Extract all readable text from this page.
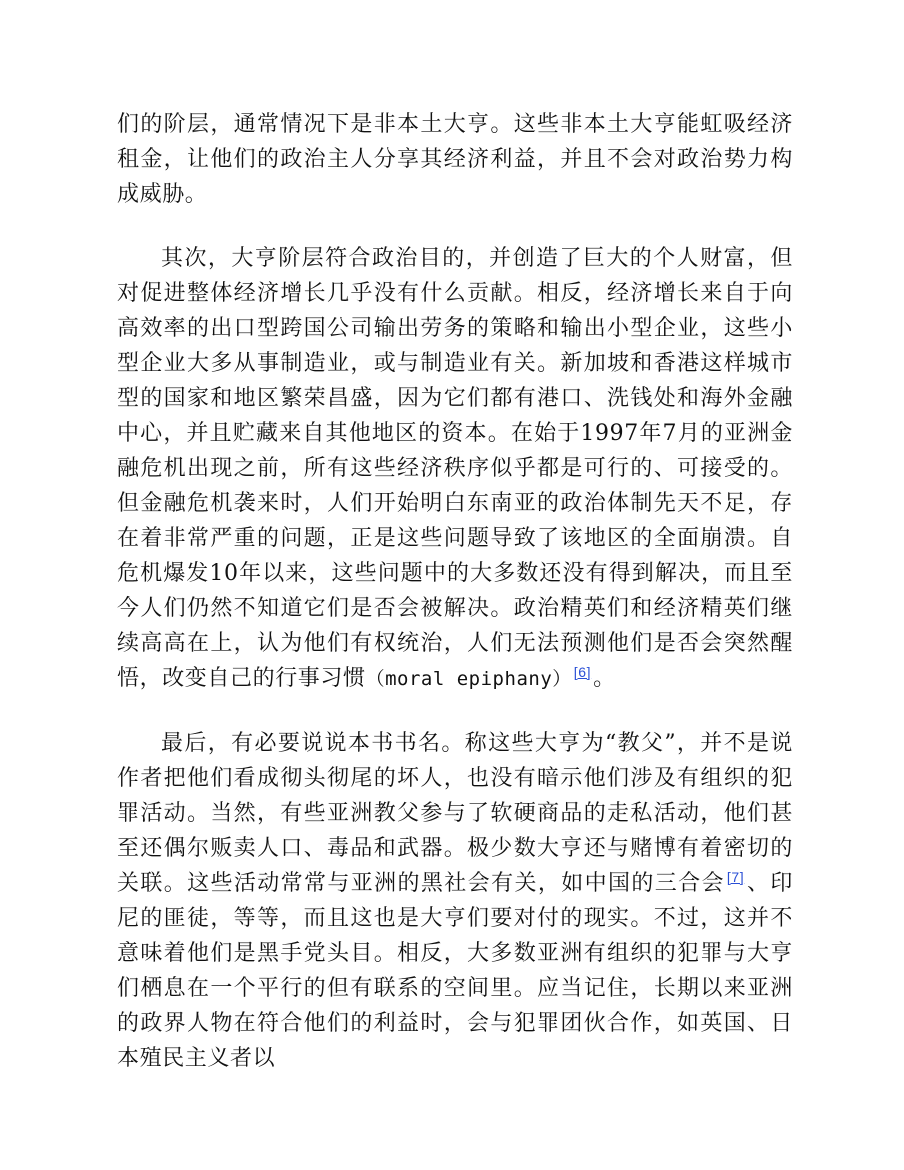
们的阶层，通常情况下是非本土大亨。这些非本土大亨能虹吸经济租金，让他们的政治主人分享其经济利益，并且不会对政治势力构成威胁。

其次，大亨阶层符合政治目的，并创造了巨大的个人财富，但对促进整体经济增长几乎没有什么贡献。相反，经济增长来自于向高效率的出口型跨国公司输出劳务的策略和输出小型企业，这些小型企业大多从事制造业，或与制造业有关。新加坡和香港这样城市型的国家和地区繁荣昌盛，因为它们都有港口、洗钱处和海外金融中心，并且贮藏来自其他地区的资本。在始于1997年7月的亚洲金融危机出现之前，所有这些经济秩序似乎都是可行的、可接受的。但金融危机袭来时，人们开始明白东南亚的政治体制先天不足，存在着非常严重的问题，正是这些问题导致了该地区的全面崩溃。自危机爆发10年以来，这些问题中的大多数还没有得到解决，而且至今人们仍然不知道它们是否会被解决。政治精英们和经济精英们继续高高在上，认为他们有权统治，人们无法预测他们是否会突然醒悟，改变自己的行事习惯（moral epiphany） [6]。

最后，有必要说说本书书名。称这些大亨为“教父”，并不是说作者把他们看成彻头彻尾的坏人，也没有暗示他们涉及有组织的犯罪活动。当然，有些亚洲教父参与了软硬商品的走私活动，他们甚至还偶尔贩卖人口、毒品和武器。极少数大亨还与赌博有着密切的关联。这些活动常常与亚洲的黑社会有关，如中国的三合会 [7]、印尼的匪徒，等等，而且这也是大亨们要对付的现实。不过，这并不意味着他们是黑手党头目。相反，大多数亚洲有组织的犯罪与大亨们栖息在一个平行的但有联系的空间里。应当记住，长期以来亚洲的政界人物在符合他们的利益时，会与犯罪团伙合作，如英国、日本殖民主义者以
